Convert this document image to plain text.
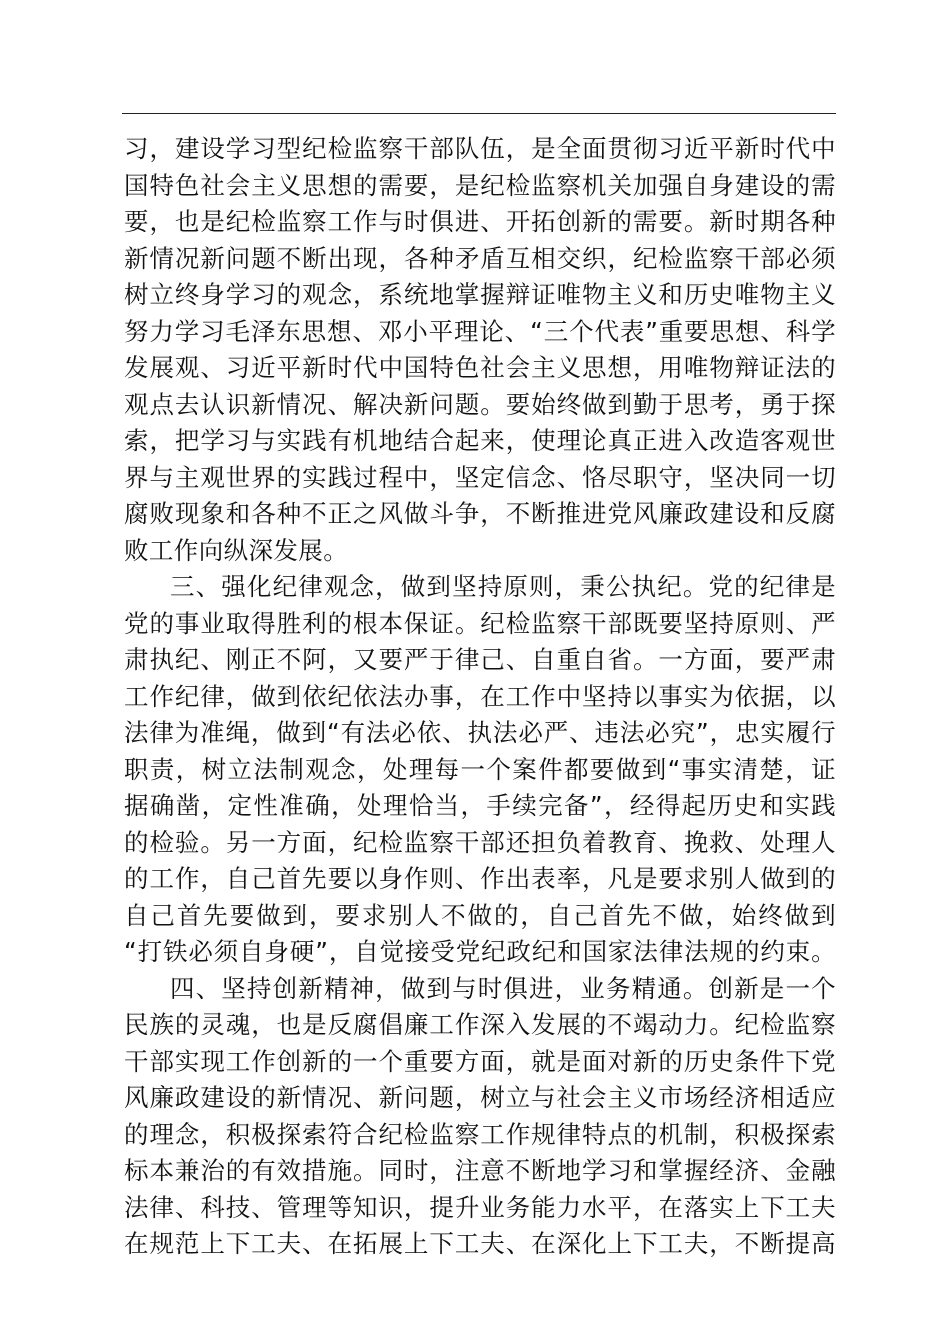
习，建设学习型纪检监察干部队伍，是全面贯彻习近平新时代中
国特色社会主义思想的需要，是纪检监察机关加强自身建设的需
要，也是纪检监察工作与时俱进、开拓创新的需要。新时期各种
新情况新问题不断出现，各种矛盾互相交织，纪检监察干部必须
树立终身学习的观念，系统地掌握辩证唯物主义和历史唯物主义
努力学习毛泽东思想、邓小平理论、“三个代表”重要思想、科学
发展观、习近平新时代中国特色社会主义思想，用唯物辩证法的
观点去认识新情况、解决新问题。要始终做到勤于思考，勇于探
索，把学习与实践有机地结合起来，使理论真正进入改造客观世
界与主观世界的实践过程中，坚定信念、恪尽职守，坚决同一切
腐败现象和各种不正之风做斗争，不断推进党风廉政建设和反腐
败工作向纵深发展。
三、强化纪律观念，做到坚持原则，秉公执纪。党的纪律是
党的事业取得胜利的根本保证。纪检监察干部既要坚持原则、严
肃执纪、刚正不阿，又要严于律己、自重自省。一方面，要严肃
工作纪律，做到依纪依法办事，在工作中坚持以事实为依据，以
法律为准绳，做到“有法必依、执法必严、违法必究”，忠实履行
职责，树立法制观念，处理每一个案件都要做到“事实清楚，证
据确凿，定性准确，处理恰当，手续完备”，经得起历史和实践
的检验。另一方面，纪检监察干部还担负着教育、挽救、处理人
的工作，自己首先要以身作则、作出表率，凡是要求别人做到的
自己首先要做到，要求别人不做的，自己首先不做，始终做到
“打铁必须自身硬”，自觉接受党纪政纪和国家法律法规的约束。
四、坚持创新精神，做到与时俱进，业务精通。创新是一个
民族的灵魂，也是反腐倡廉工作深入发展的不竭动力。纪检监察
干部实现工作创新的一个重要方面，就是面对新的历史条件下党
风廉政建设的新情况、新问题，树立与社会主义市场经济相适应
的理念，积极探索符合纪检监察工作规律特点的机制，积极探索
标本兼治的有效措施。同时，注意不断地学习和掌握经济、金融
法律、科技、管理等知识，提升业务能力水平，在落实上下工夫
在规范上下工夫、在拓展上下工夫、在深化上下工夫，不断提高
